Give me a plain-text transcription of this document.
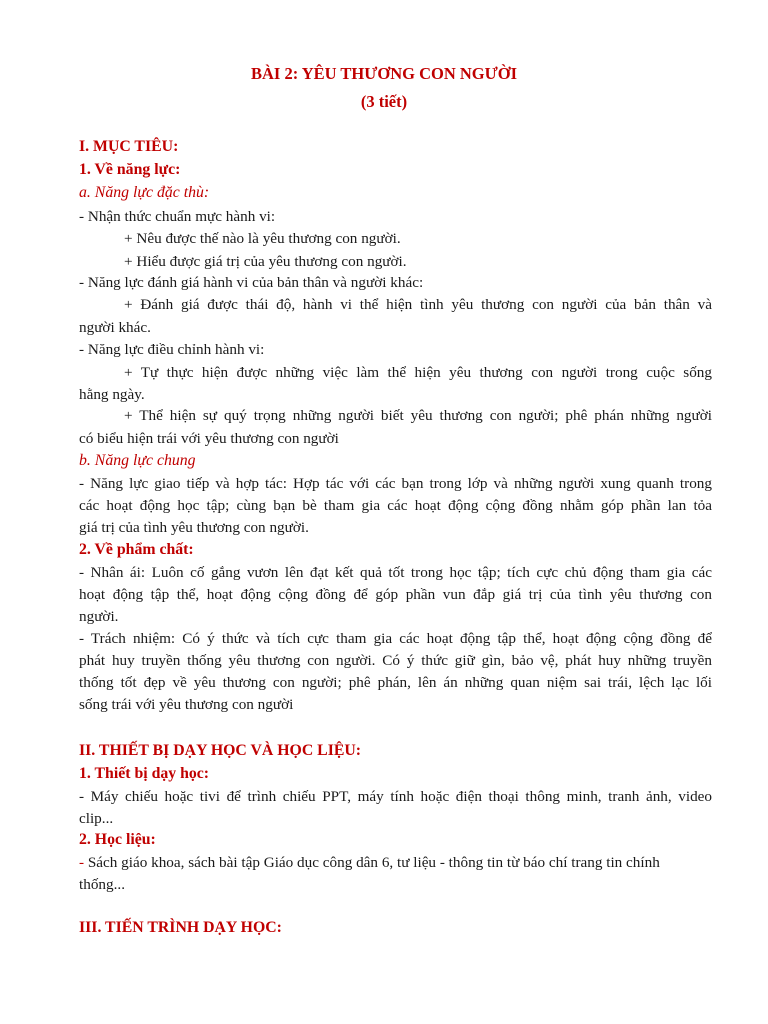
BÀI 2: YÊU THƯƠNG CON NGƯỜI
(3 tiết)
I. MỤC TIÊU:
1. Về năng lực:
a. Năng lực đặc thù:
- Nhận thức chuẩn mực hành vi:
+ Nêu được thế nào là yêu thương con người.
+ Hiểu được giá trị của yêu thương con người.
- Năng lực đánh giá hành vi của bản thân và người khác:
+ Đánh giá được thái độ, hành vi thể hiện tình yêu thương con người của bản thân và
người khác.
- Năng lực điều chỉnh hành vi:
+ Tự thực hiện được những việc làm thể hiện yêu thương con người trong cuộc sống
hằng ngày.
+ Thể hiện sự quý trọng những người biết yêu thương con người; phê phán những người
có biểu hiện trái với yêu thương con người
b. Năng lực chung
- Năng lực giao tiếp và hợp tác: Hợp tác với các bạn trong lớp và những người xung quanh trong
các hoạt động học tập; cùng bạn bè tham gia các hoạt động cộng đồng nhằm góp phần lan tỏa
giá trị của tình yêu thương con người.
2. Về phẩm chất:
- Nhân ái: Luôn cố gắng vươn lên đạt kết quả tốt trong học tập; tích cực chủ động tham gia các
hoạt động tập thể, hoạt động cộng đồng để góp phần vun đắp giá trị của tình yêu thương con
người.
- Trách nhiệm: Có ý thức và tích cực tham gia các hoạt động tập thể, hoạt động cộng đồng để
phát huy truyền thống yêu thương con người. Có ý thức giữ gìn, bảo vệ, phát huy những truyền
thống tốt đẹp về yêu thương con người; phê phán, lên án những quan niệm sai trái, lệch lạc lối
sống trái với yêu thương con người
II. THIẾT BỊ DẠY HỌC VÀ HỌC LIỆU:
1. Thiết bị dạy học:
- Máy chiếu hoặc tivi để trình chiếu PPT, máy tính hoặc điện thoại thông minh, tranh ảnh, video
clip...
2. Học liệu:
- Sách giáo khoa, sách bài tập Giáo dục công dân 6, tư liệu - thông tin từ báo chí trang tin chính
thống...
III. TIẾN TRÌNH DẠY HỌC:
